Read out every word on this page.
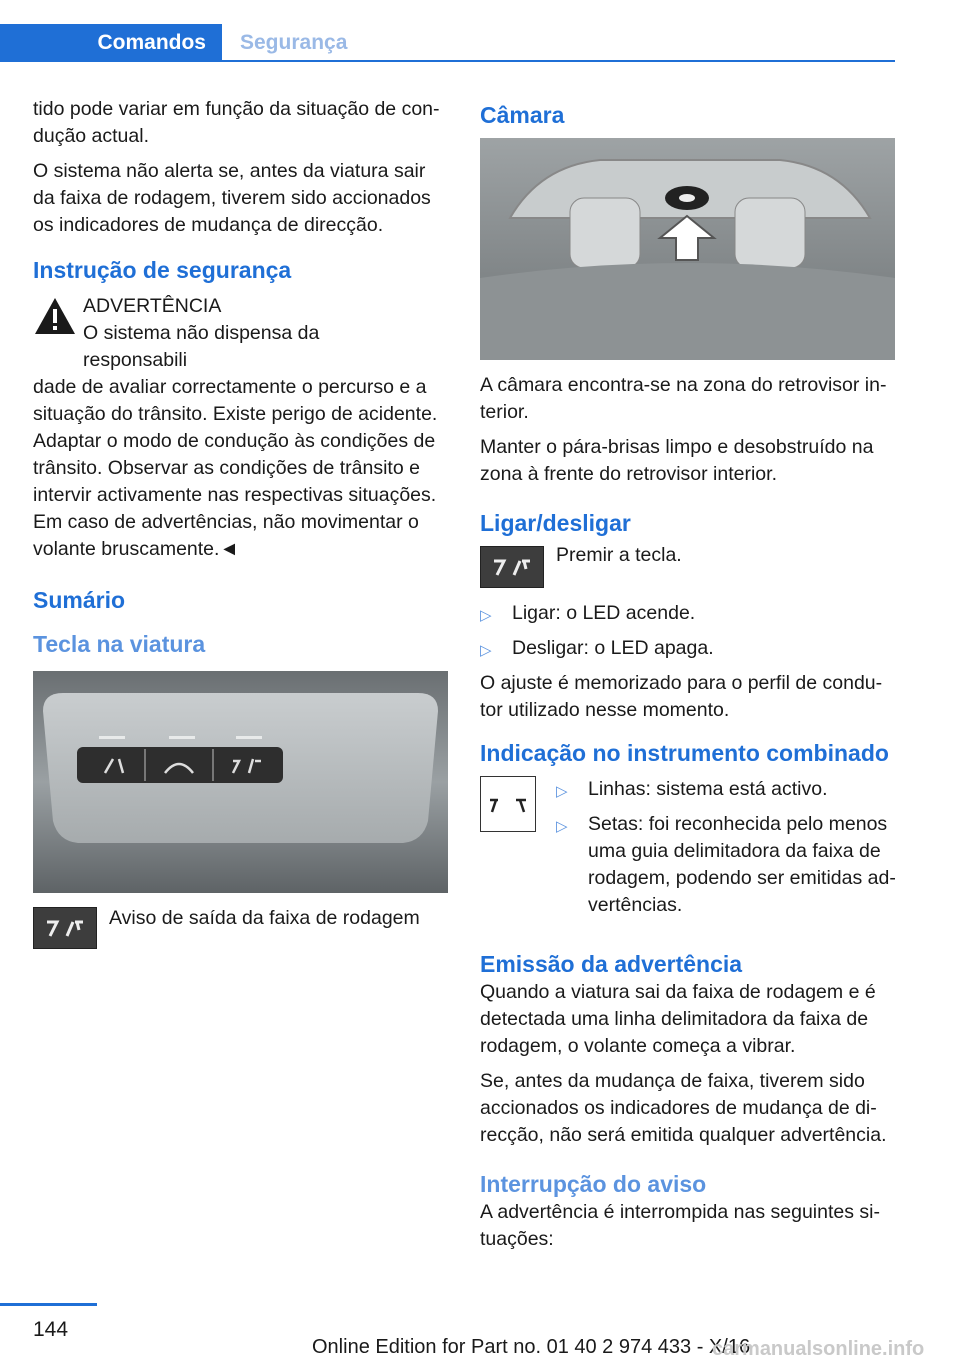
Comandos Segurança

tido pode variar em função da situação de condução actual.

O sistema não alerta se, antes da viatura sair da faixa de rodagem, tiverem sido accionados os indicadores de mudança de direcção.

Instrução de segurança
ADVERTÊNCIA
O sistema não dispensa da responsabili

dade de avaliar correctamente o percurso e a situação do trânsito. Existe perigo de acidente. Adaptar o modo de condução às condições de trânsito. Observar as condições de trânsito e intervir activamente nas respectivas situações. Em caso de advertências, não movimentar o volante bruscamente.◄

Sumário
Tecla na viatura
Aviso de saída da faixa de rodagem
Câmara

A câmara encontra-se na zona do retrovisor interior.

Manter o pára-brisas limpo e desobstruído na zona à frente do retrovisor interior.

Ligar/desligar
Premir a tecla.
▷	Ligar: o LED acende.
▷	Desligar: o LED apaga.

O ajuste é memorizado para o perfil de condutor utilizado nesse momento.

Indicação no instrumento combinado
▷	Linhas: sistema está activo.
▷	Setas: foi reconhecida pelo menos uma guia delimitadora da faixa de rodagem, podendo ser emitidas advertências.
Emissão da advertência

Quando a viatura sai da faixa de rodagem e é detectada uma linha delimitadora da faixa de rodagem, o volante começa a vibrar.

Se, antes da mudança de faixa, tiverem sido accionados os indicadores de mudança de direcção, não será emitida qualquer advertência.

Interrupção do aviso

A advertência é interrompida nas seguintes situações:

144
Online Edition for Part no. 01 40 2 974 433 - X/16
carmanualsonline.info
